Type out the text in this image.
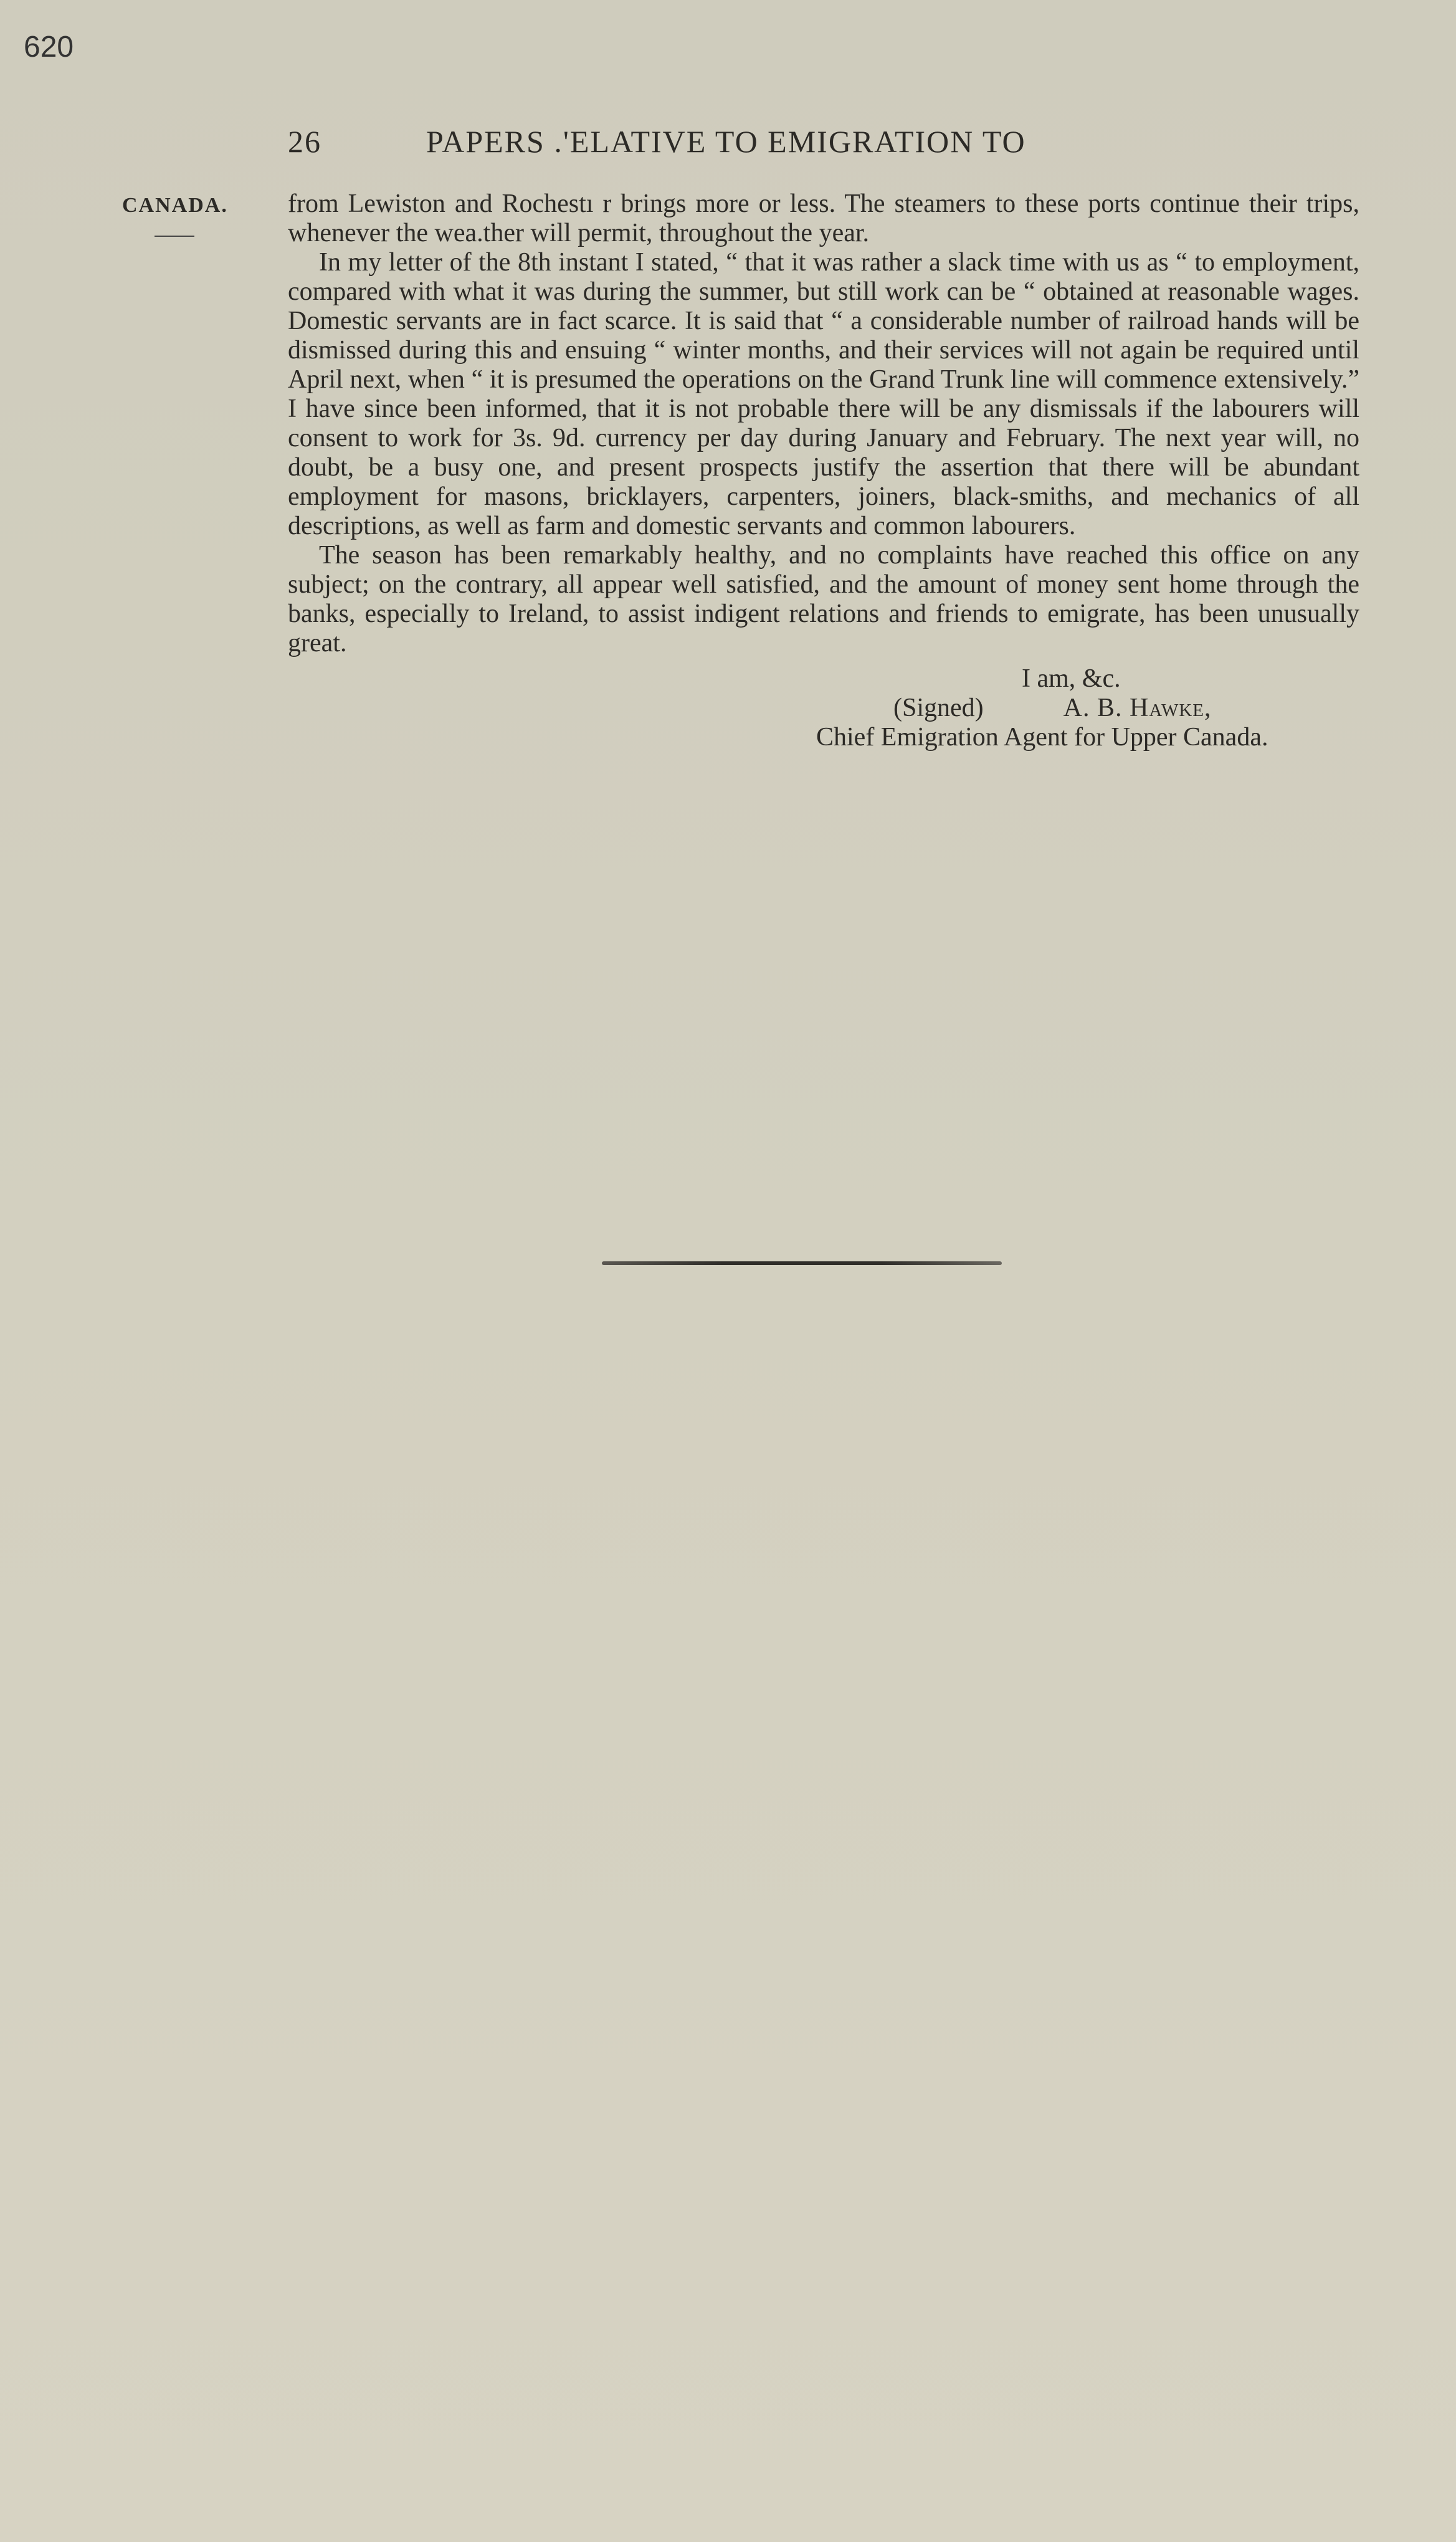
620
26	PAPERS .'ELATIVE TO EMIGRATION TO
CANADA. from Lewiston and Rochestı r brings more or less. The steamers to these ports continue their trips, whenever the wea.ther will permit, throughout the year.

In my letter of the 8th instant I stated, “ that it was rather a slack time with us as “ to employment, compared with what it was during the summer, but still work can be “ obtained at reasonable wages. Domestic servants are in fact scarce. It is said that “ a considerable number of railroad hands will be dismissed during this and ensuing “ winter months, and their services will not again be required until April next, when “ it is presumed the operations on the Grand Trunk line will commence extensively.” I have since been informed, that it is not probable there will be any dismissals if the labourers will consent to work for 3s. 9d. currency per day during January and February. The next year will, no doubt, be a busy one, and present prospects justify the assertion that there will be abundant employment for masons, bricklayers, carpenters, joiners, black-smiths, and mechanics of all descriptions, as well as farm and domestic servants and common labourers.

The season has been remarkably healthy, and no complaints have reached this office on any subject; on the contrary, all appear well satisfied, and the amount of money sent home through the banks, especially to Ireland, to assist indigent relations and friends to emigrate, has been unusually great.

I am, &c.
(Signed)	A. B. Hawke,
Chief Emigration Agent for Upper Canada.
